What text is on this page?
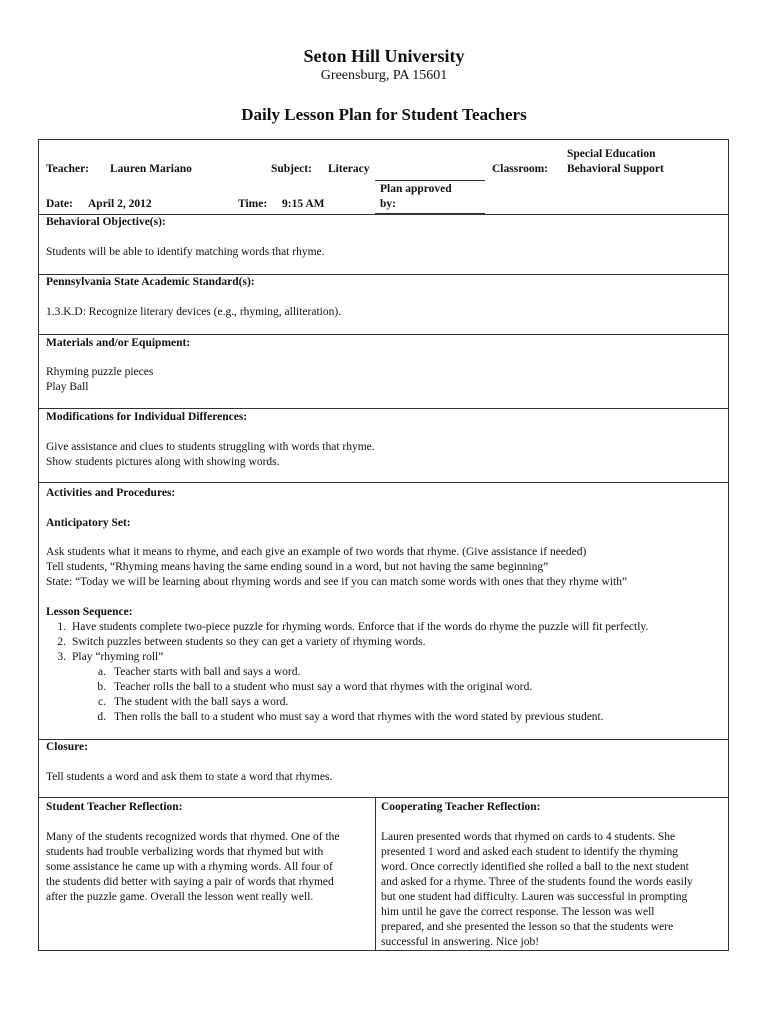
Seton Hill University
Greensburg, PA 15601
Daily Lesson Plan for Student Teachers
Teacher: Lauren Mariano	Subject: Literacy	Classroom:
Special Education
Behavioral Support
Date: April 2, 2012	Time: 9:15 AM
Plan approved
by:
Behavioral Objective(s):
Students will be able to identify matching words that rhyme.
Pennsylvania State Academic Standard(s):
1.3.K.D: Recognize literary devices (e.g., rhyming, alliteration).
Materials and/or Equipment:
Rhyming puzzle pieces
Play Ball
Modifications for Individual Differences:
Give assistance and clues to students struggling with words that rhyme.
Show students pictures along with showing words.
Activities and Procedures:
Anticipatory Set:
Ask students what it means to rhyme, and each give an example of two words that rhyme. (Give assistance if needed)
Tell students, “Rhyming means having the same ending sound in a word, but not having the same beginning”
State: “Today we will be learning about rhyming words and see if you can match some words with ones that they rhyme with”
Lesson Sequence:
1. Have students complete two-piece puzzle for rhyming words. Enforce that if the words do rhyme the puzzle will fit perfectly.
2. Switch puzzles between students so they can get a variety of rhyming words.
3. Play “rhyming roll”
a. Teacher starts with ball and says a word.
b. Teacher rolls the ball to a student who must say a word that rhymes with the original word.
c. The student with the ball says a word.
d. Then rolls the ball to a student who must say a word that rhymes with the word stated by previous student.
Closure:
Tell students a word and ask them to state a word that rhymes.
Student Teacher Reflection:
Many of the students recognized words that rhymed. One of the
students had trouble verbalizing words that rhymed but with
some assistance he came up with a rhyming words. All four of
the students did better with saying a pair of words that rhymed
after the puzzle game. Overall the lesson went really well.
Cooperating Teacher Reflection:
Lauren presented words that rhymed on cards to 4 students. She
presented 1 word and asked each student to identify the rhyming
word. Once correctly identified she rolled a ball to the next student
and asked for a rhyme. Three of the students found the words easily
but one student had difficulty. Lauren was successful in prompting
him until he gave the correct response. The lesson was well
prepared, and she presented the lesson so that the students were
successful in answering. Nice job!
